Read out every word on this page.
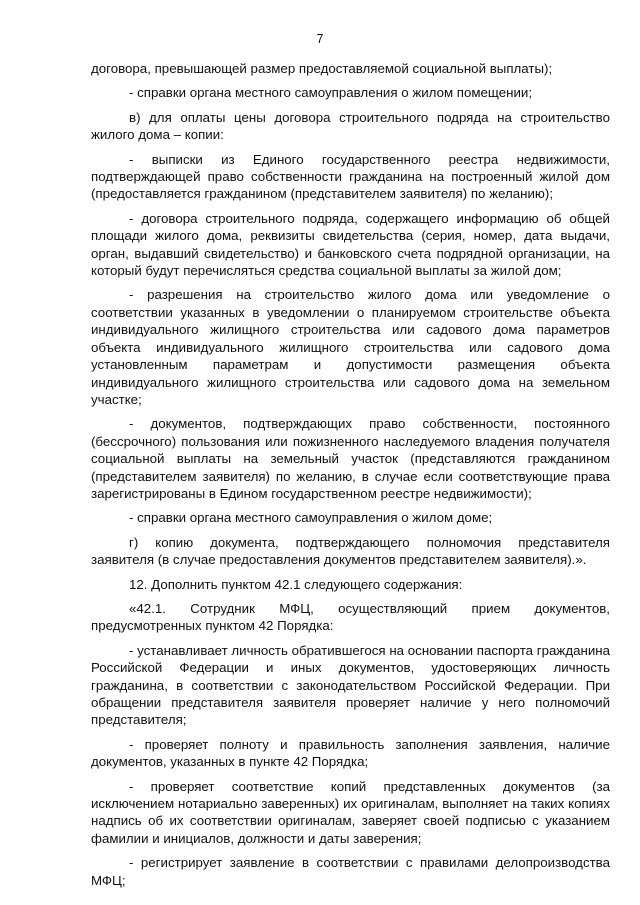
7

договора, превышающей размер предоставляемой социальной выплаты);

- справки органа местного самоуправления о жилом помещении;

в) для оплаты цены договора строительного подряда на строительство жилого дома – копии:

- выписки из Единого государственного реестра недвижимости, подтверждающей право собственности гражданина на построенный жилой дом (предоставляется гражданином (представителем заявителя) по желанию);

- договора строительного подряда, содержащего информацию об общей площади жилого дома, реквизиты свидетельства (серия, номер, дата выдачи, орган, выдавший свидетельство) и банковского счета подрядной организации, на который будут перечисляться средства социальной выплаты за жилой дом;

- разрешения на строительство жилого дома или уведомление о соответствии указанных в уведомлении о планируемом строительстве объекта индивидуального жилищного строительства или садового дома параметров объекта индивидуального жилищного строительства или садового дома установленным параметрам и допустимости размещения объекта индивидуального жилищного строительства или садового дома на земельном участке;

- документов, подтверждающих право собственности, постоянного (бессрочного) пользования или пожизненного наследуемого владения получателя социальной выплаты на земельный участок (представляются гражданином (представителем заявителя) по желанию, в случае если соответствующие права зарегистрированы в Едином государственном реестре недвижимости);

- справки органа местного самоуправления о жилом доме;

г) копию документа, подтверждающего полномочия представителя заявителя (в случае предоставления документов представителем заявителя).».

12. Дополнить пунктом 42.1 следующего содержания:

«42.1. Сотрудник МФЦ, осуществляющий прием документов, предусмотренных пунктом 42 Порядка:

- устанавливает личность обратившегося на основании паспорта гражданина Российской Федерации и иных документов, удостоверяющих личность гражданина, в соответствии с законодательством Российской Федерации. При обращении представителя заявителя проверяет наличие у него полномочий представителя;

- проверяет полноту и правильность заполнения заявления, наличие документов, указанных в пункте 42 Порядка;

- проверяет соответствие копий представленных документов (за исключением нотариально заверенных) их оригиналам, выполняет на таких копиях надпись об их соответствии оригиналам, заверяет своей подписью с указанием фамилии и инициалов, должности и даты заверения;

- регистрирует заявление в соответствии с правилами делопроизводства МФЦ;
